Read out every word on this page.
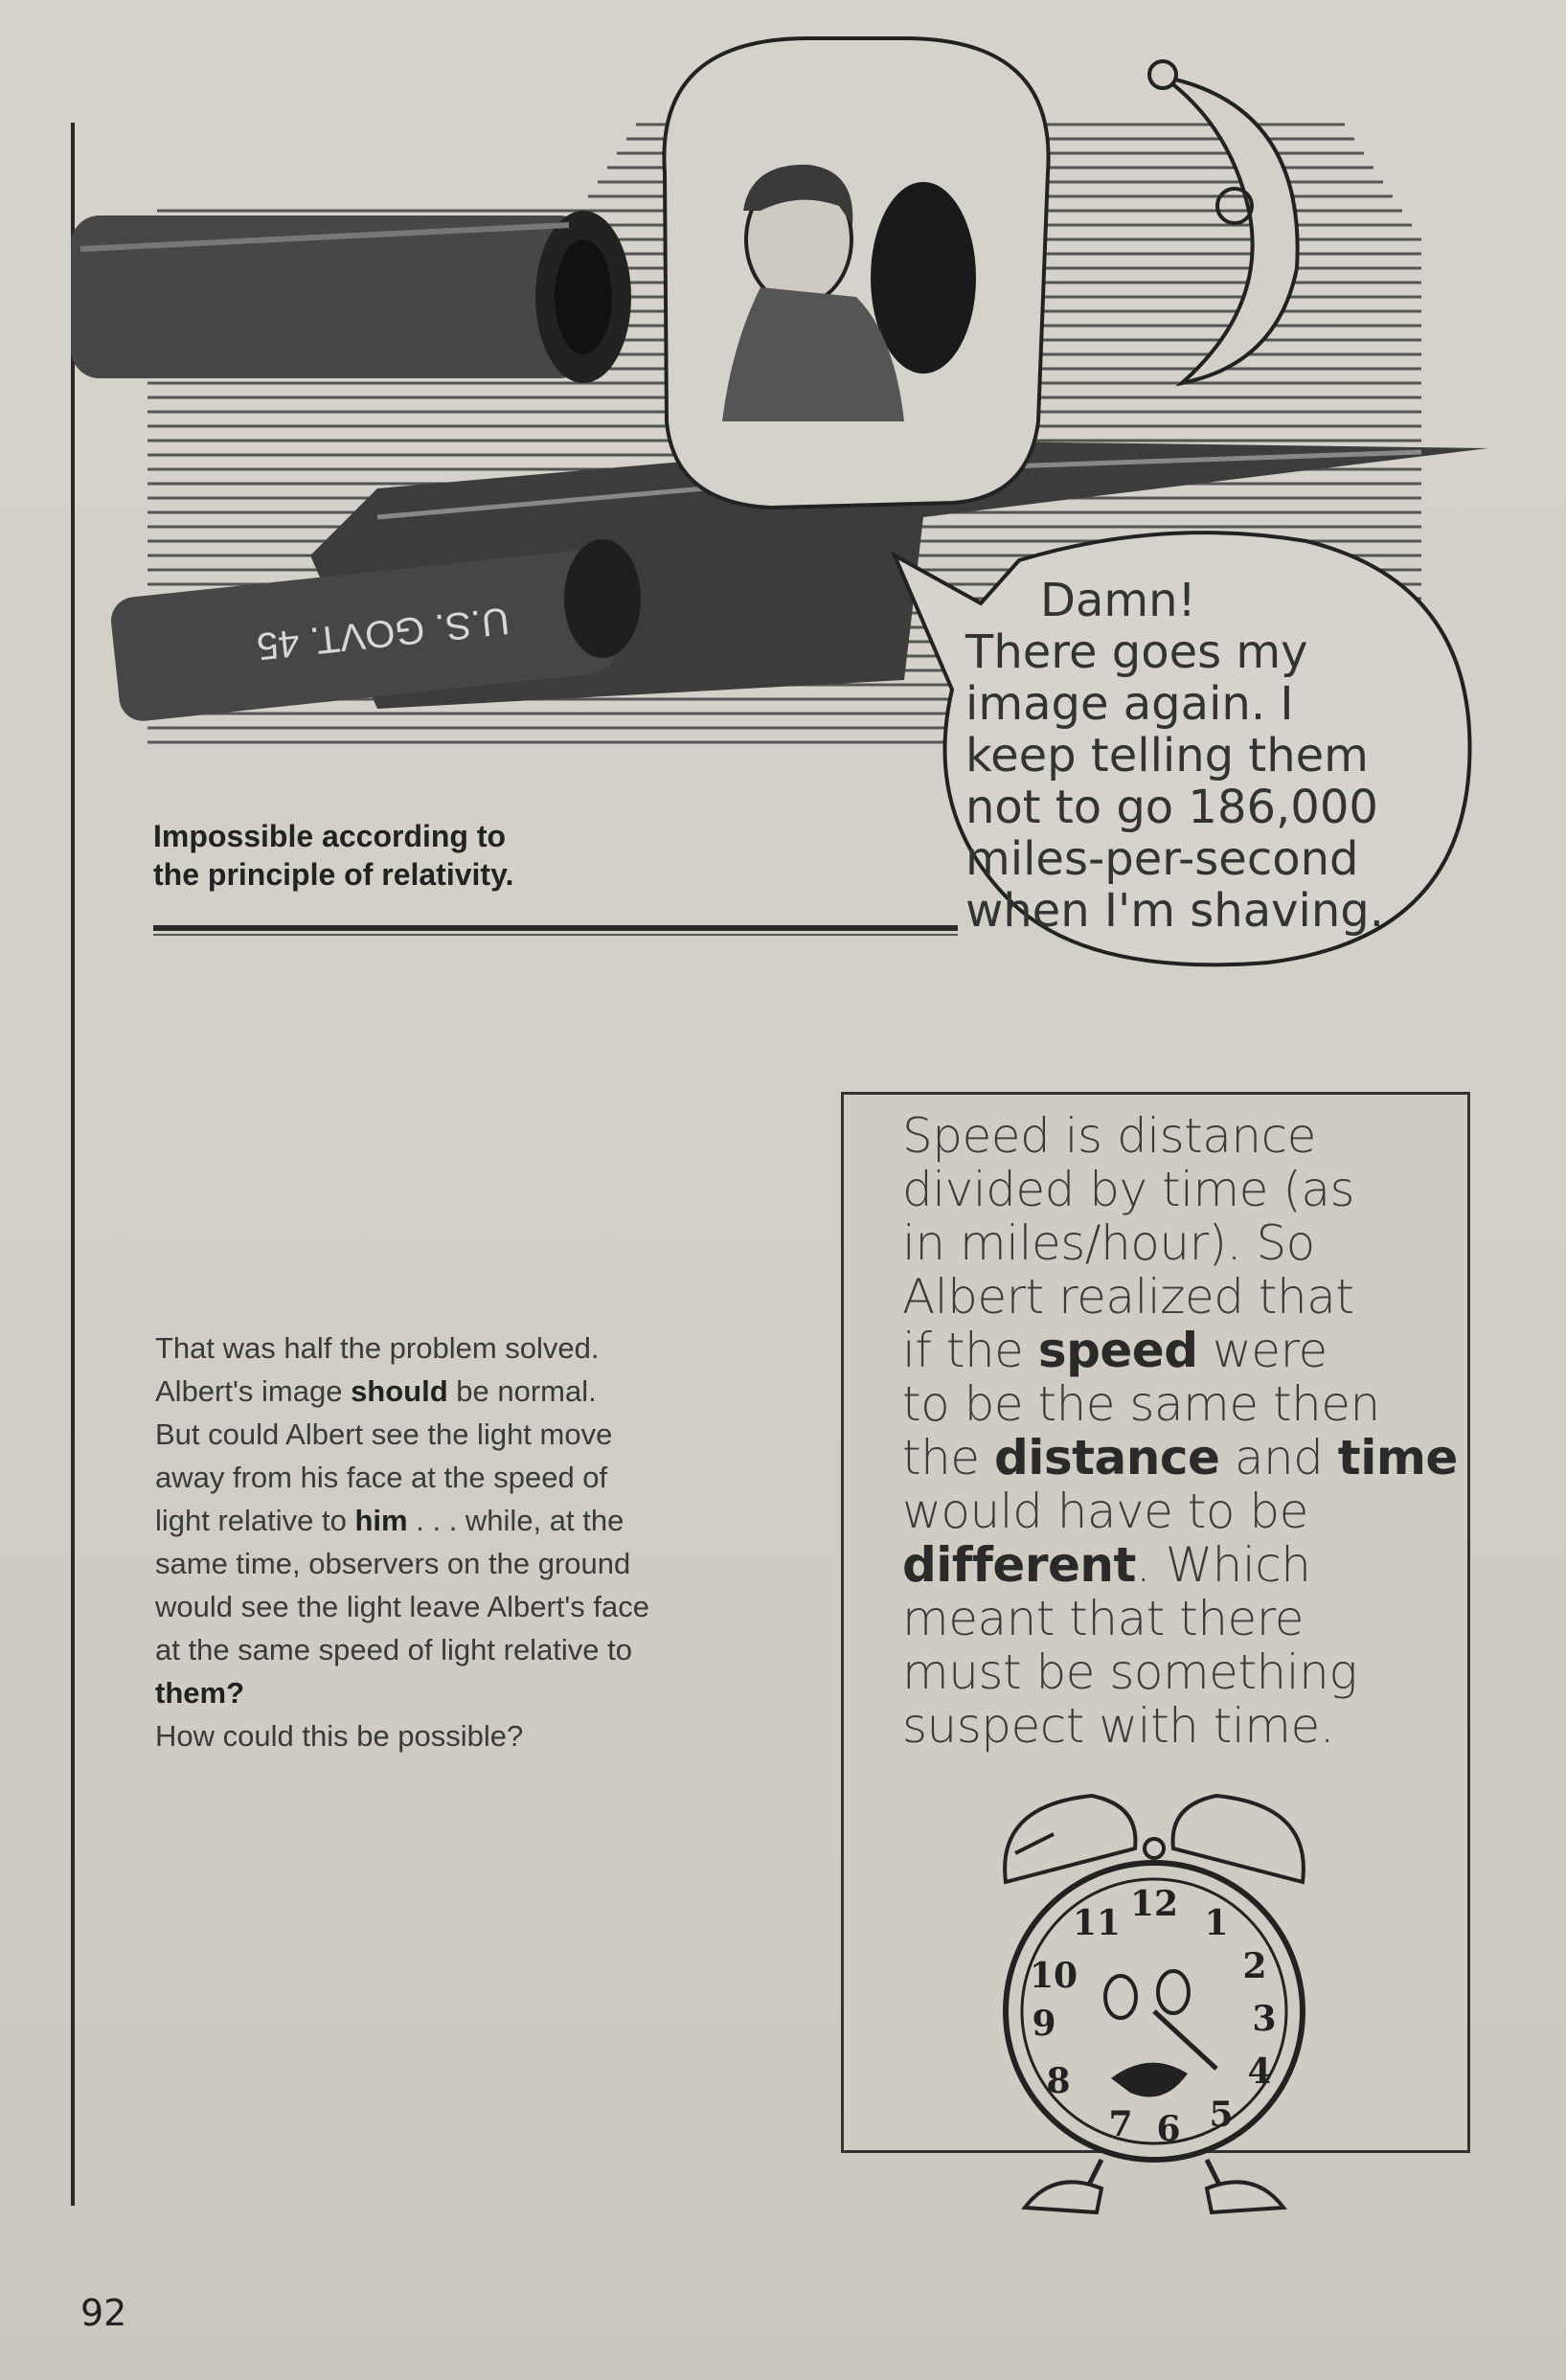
U.S. GOVT. 45	Damn!

There goes my

image again. I

keep telling them

not to go 186,000

miles-per-second

when I'm shaving.

Impossible according to
the principle of relativity.

That was half the problem solved.

Albert's image should be normal.

But could Albert see the light move

away from his face at the speed of

light relative to him . . . while, at the

same time, observers on the ground

would see the light leave Albert's face

at the same speed of light relative to

them?

How could this be possible?

Speed is distance

divided by time (as

in miles/hour). So

Albert realized that

if the speed were

to be the same then

the distance and time

would have to be

different. Which

meant that there

must be something

suspect with time.

12 1
2
3
4
5
6
7
8
9
10
11
92
